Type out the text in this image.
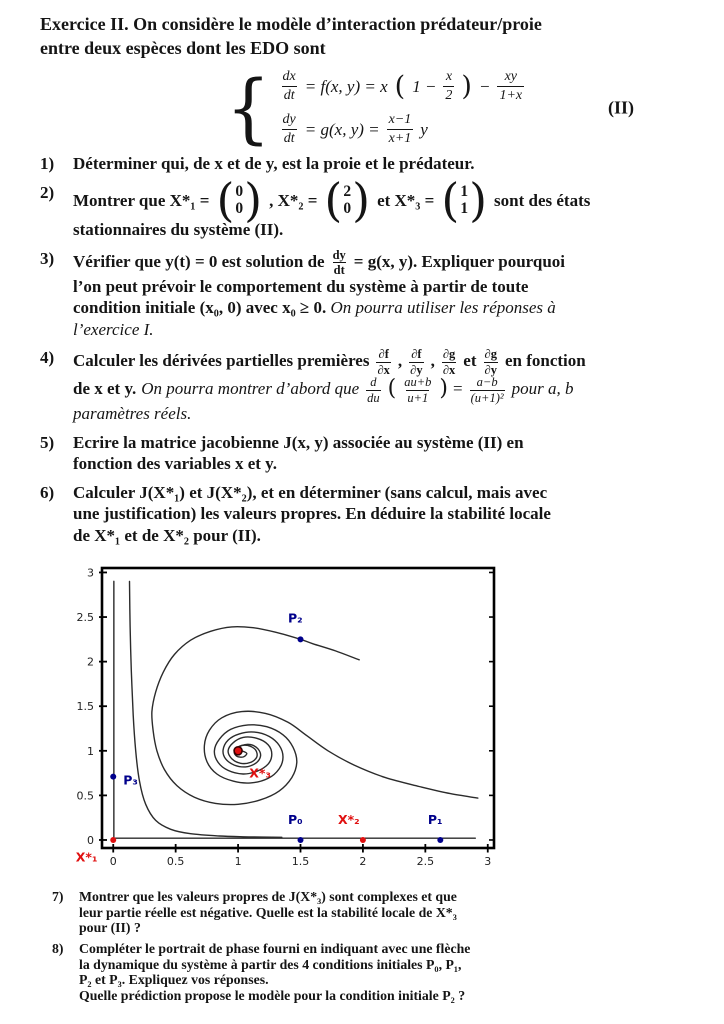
Exercice II. On considère le modèle d’interaction prédateur/proie
entre deux espèces dont les EDO sont

{ $\frac{dx}{dt} = f(x$, y) = x ( $1 - \frac{x}{2}$ ) − $\frac{xy}{1+x}$
$\frac{dy}{dt} = g(x$, $y) = \frac{x-1}{x+1}$ y
(II)
1)	Déterminer qui, de x et de y, est la proie et le prédateur.
2)	Montrer que X*₁ = ( 0
0 ) , X*₂ = ( 2
0 ) et X*₃ = ( 1
1 ) sont des états
stationnaires du système (II).
3)	Vérifier que y(t) = 0 est solution de $\frac{dy}{dt} = g(x$, y). Expliquer pourquoi
l’on peut prévoir le comportement du système à partir de toute
condition initiale (x₀, 0) avec x₀ ≥ 0. On pourra utiliser les réponses à
l’exercice I.
4)	Calculer les dérivées partielles premières ∂f
∂x , ∂f
∂y , ∂g
∂x et ∂g
∂y en fonction
de x et y. On pourra montrer d’abord que d
du ( au+b
u+1 ) = $\frac{a-b}{\text{(u+1)²}}$ pour a, b
paramètres réels.
5)	Ecrire la matrice jacobienne J(x, y) associée au système (II) en
fonction des variables x et y.
6)	Calculer J(X*₁) et J(X*₂), et en déterminer (sans calcul, mais avec
une justification) les valeurs propres. En déduire la stabilité locale
de X*₁ et de X*₂ pour (II).
0	0.5	1	1.5	2	2.5	3
0
0.5
1
1.5
2
2.5
3
P₀	P₁
P₂
P₃
X*₁
X*₂
X*₃
7)	Montrer que les valeurs propres de J(X*₃) sont complexes et que
leur partie réelle est négative. Quelle est la stabilité locale de X*₃
pour (II) ?
8)	Compléter le portrait de phase fourni en indiquant avec une flèche
la dynamique du système à partir des 4 conditions initiales P₀, P₁,
P₂ et P₃. Expliquez vos réponses.
Quelle prédiction propose le modèle pour la condition initiale P₂ ?
